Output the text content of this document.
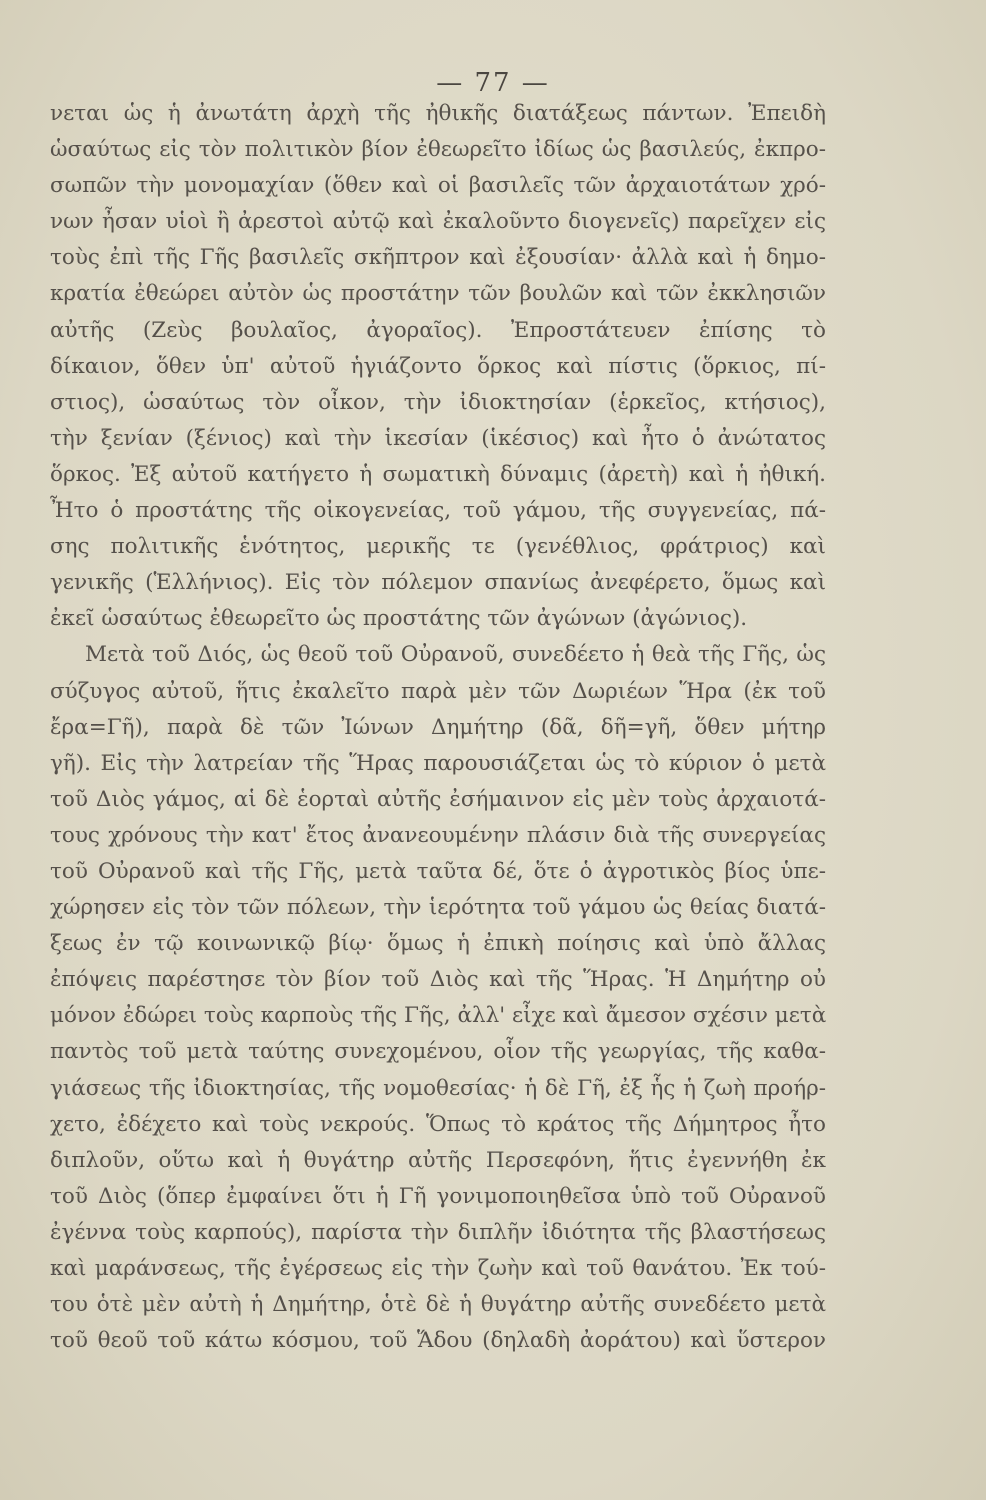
— 77 —
νεται ὡς ἡ ἀνωτάτη ἀρχὴ τῆς ἠθικῆς διατάξεως πάντων. Ἐπειδὴ
ὡσαύτως εἰς τὸν πολιτικὸν βίον ἐθεωρεῖτο ἰδίως ὡς βασιλεύς, ἐκπρο-
σωπῶν τὴν μονομαχίαν (ὅθεν καὶ οἱ βασιλεῖς τῶν ἀρχαιοτάτων χρό-
νων ἦσαν υἱοὶ ἢ ἀρεστοὶ αὐτῷ καὶ ἐκαλοῦντο διογενεῖς) παρεῖχεν εἰς
τοὺς ἐπὶ τῆς Γῆς βασιλεῖς σκῆπτρον καὶ ἐξουσίαν· ἀλλὰ καὶ ἡ δημο-
κρατία ἐθεώρει αὐτὸν ὡς προστάτην τῶν βουλῶν καὶ τῶν ἐκκλησιῶν
αὐτῆς (Ζεὺς βουλαῖος, ἀγοραῖος). Ἐπροστάτευεν ἐπίσης τὸ
δίκαιον, ὅθεν ὑπ' αὐτοῦ ἡγιάζοντο ὅρκος καὶ πίστις (ὅρκιος, πί-
στιος), ὡσαύτως τὸν οἶκον, τὴν ἰδιοκτησίαν (ἑρκεῖος, κτήσιος),
τὴν ξενίαν (ξένιος) καὶ τὴν ἱκεσίαν (ἱκέσιος) καὶ ἦτο ὁ ἀνώτατος
ὅρκος. Ἐξ αὐτοῦ κατήγετο ἡ σωματικὴ δύναμις (ἀρετὴ) καὶ ἡ ἠθική.
Ἦτο ὁ προστάτης τῆς οἰκογενείας, τοῦ γάμου, τῆς συγγενείας, πά-
σης πολιτικῆς ἑνότητος, μερικῆς τε (γενέθλιος, φράτριος) καὶ
γενικῆς (Ἑλλήνιος). Εἰς τὸν πόλεμον σπανίως ἀνεφέρετο, ὅμως καὶ
ἐκεῖ ὡσαύτως ἐθεωρεῖτο ὡς προστάτης τῶν ἀγώνων (ἀγώνιος).
Μετὰ τοῦ Διός, ὡς θεοῦ τοῦ Οὐρανοῦ, συνεδέετο ἡ θεὰ τῆς Γῆς, ὡς
σύζυγος αὐτοῦ, ἥτις ἐκαλεῖτο παρὰ μὲν τῶν Δωριέων Ἥρα (ἐκ τοῦ
ἔρα=Γῆ), παρὰ δὲ τῶν Ἰώνων Δημήτηρ (δᾶ, δῆ=γῆ, ὅθεν μήτηρ
γῆ). Εἰς τὴν λατρείαν τῆς Ἥρας παρουσιάζεται ὡς τὸ κύριον ὁ μετὰ
τοῦ Διὸς γάμος, αἱ δὲ ἑορταὶ αὐτῆς ἐσήμαινον εἰς μὲν τοὺς ἀρχαιοτά-
τους χρόνους τὴν κατ' ἔτος ἀνανεουμένην πλάσιν διὰ τῆς συνεργείας
τοῦ Οὐρανοῦ καὶ τῆς Γῆς, μετὰ ταῦτα δέ, ὅτε ὁ ἀγροτικὸς βίος ὑπε-
χώρησεν εἰς τὸν τῶν πόλεων, τὴν ἱερότητα τοῦ γάμου ὡς θείας διατά-
ξεως ἐν τῷ κοινωνικῷ βίῳ· ὅμως ἡ ἐπικὴ ποίησις καὶ ὑπὸ ἄλλας
ἐπόψεις παρέστησε τὸν βίον τοῦ Διὸς καὶ τῆς Ἥρας. Ἡ Δημήτηρ οὐ
μόνον ἐδώρει τοὺς καρποὺς τῆς Γῆς, ἀλλ' εἶχε καὶ ἄμεσον σχέσιν μετὰ
παντὸς τοῦ μετὰ ταύτης συνεχομένου, οἷον τῆς γεωργίας, τῆς καθα-
γιάσεως τῆς ἰδιοκτησίας, τῆς νομοθεσίας· ἡ δὲ Γῆ, ἐξ ἧς ἡ ζωὴ προήρ-
χετο, ἐδέχετο καὶ τοὺς νεκρούς. Ὅπως τὸ κράτος τῆς Δήμητρος ἦτο
διπλοῦν, οὕτω καὶ ἡ θυγάτηρ αὐτῆς Περσεφόνη, ἥτις ἐγεννήθη ἐκ
τοῦ Διὸς (ὅπερ ἐμφαίνει ὅτι ἡ Γῆ γονιμοποιηθεῖσα ὑπὸ τοῦ Οὐρανοῦ
ἐγέννα τοὺς καρπούς), παρίστα τὴν διπλῆν ἰδιότητα τῆς βλαστήσεως
καὶ μαράνσεως, τῆς ἐγέρσεως εἰς τὴν ζωὴν καὶ τοῦ θανάτου. Ἐκ τού-
του ὁτὲ μὲν αὐτὴ ἡ Δημήτηρ, ὁτὲ δὲ ἡ θυγάτηρ αὐτῆς συνεδέετο μετὰ
τοῦ θεοῦ τοῦ κάτω κόσμου, τοῦ Ἅδου (δηλαδὴ ἀοράτου) καὶ ὕστερον
